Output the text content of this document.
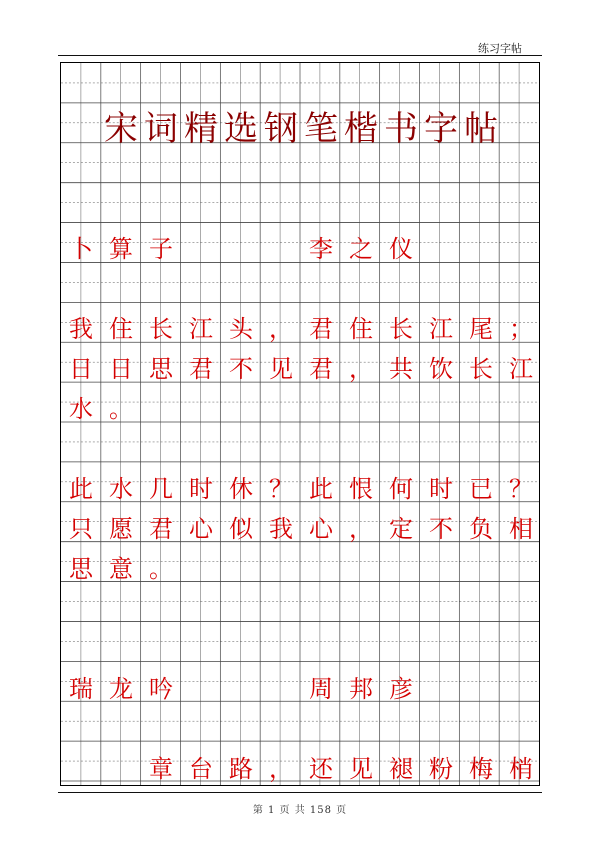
练习字帖
宋 词 精 选 钢 笔 楷 书 字 帖
卜 算 子

	李 之 仪
我 住 长 江 头 ， 君 住 长 江 尾 ；
日 日 思 君 不 见 君 ， 共 饮 长 江
水 。
此 水 几 时 休 ？ 此 恨 何 时 已 ？
只 愿 君 心 似 我 心 ， 定 不 负 相
思 意 。
瑞 龙 吟

	周 邦 彦
章 台 路 ， 还 见 褪 粉 梅 梢
第 1 页 共 158 页
